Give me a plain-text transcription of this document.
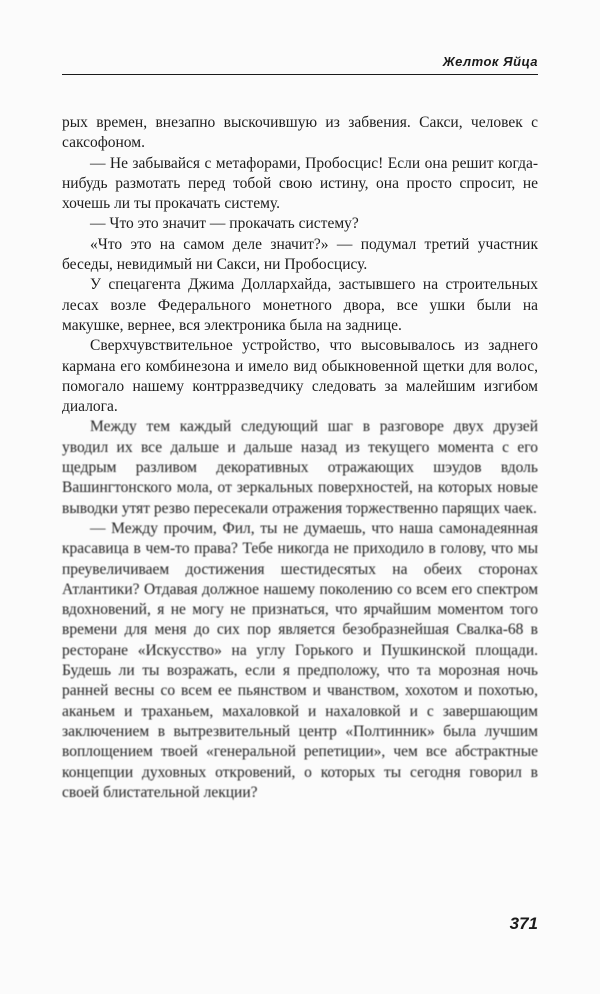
Желток Яйца

рых времен, внезапно выскочившую из забвения. Сакси, человек с саксофоном.

— Не забывайся с метафорами, Пробосцис! Если она решит когда-нибудь размотать перед тобой свою истину, она просто спросит, не хочешь ли ты прокачать систему.

— Что это значит — прокачать систему?

«Что это на самом деле значит?» — подумал третий участник беседы, невидимый ни Сакси, ни Пробосцису.

У спецагента Джима Доллархайда, застывшего на строительных лесах возле Федерального монетного двора, все ушки были на макушке, вернее, вся электроника была на заднице.

Сверхчувствительное устройство, что высовывалось из заднего кармана его комбинезона и имело вид обыкновенной щетки для волос, помогало нашему контрразведчику следовать за малейшим изгибом диалога.

Между тем каждый следующий шаг в разговоре двух друзей уводил их все дальше и дальше назад из текущего момента с его щедрым разливом декоративных отражающих шэудов вдоль Вашингтонского мола, от зеркальных поверхностей, на которых новые выводки утят резво пересекали отражения торжественно парящих чаек.

— Между прочим, Фил, ты не думаешь, что наша самонадеянная красавица в чем-то права? Тебе никогда не приходило в голову, что мы преувеличиваем достижения шестидесятых на обеих сторонах Атлантики? Отдавая должное нашему поколению со всем его спектром вдохновений, я не могу не признаться, что ярчайшим моментом того времени для меня до сих пор является безобразнейшая Свалка-68 в ресторане «Искусство» на углу Горького и Пушкинской площади. Будешь ли ты возражать, если я предположу, что та морозная ночь ранней весны со всем ее пьянством и чванством, хохотом и похотью, аканьем и траханьем, махаловкой и нахаловкой и с завершающим заключением в вытрезвительный центр «Полтинник» была лучшим воплощением твоей «генеральной репетиции», чем все абстрактные концепции духовных откровений, о которых ты сегодня говорил в своей блистательной лекции?

371
